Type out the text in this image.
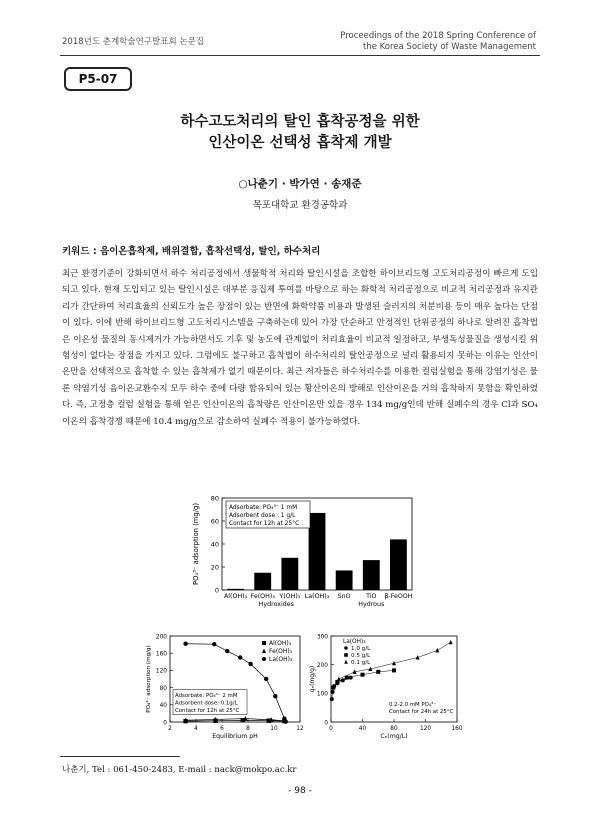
2018년도 춘계학술연구발표회 논문집
Proceedings of the 2018 Spring Conference of
the Korea Society of Waste Management
P5-07
하수고도처리의 탈인 흡착공정을 위한
인산이온 선택성 흡착제 개발
○나춘기 · 박가연 · 송재준
목포대학교 환경공학과
키워드 : 음이온흡착제, 배위결합, 흡착선택성, 탈인, 하수처리

최근 환경기준이 강화되면서 하수 처리공정에서 생물학적 처리와 탈인시설을 조합한 하이브리드형 고도처리공정이 빠르게 도입되고 있다. 현재 도입되고 있는 탈인시설은 대부분 응집제 투여를 바탕으로 하는 화학적 처리공정으로 비교적 처리공정과 유지관리가 간단하여 처리효율의 신뢰도가 높은 장점이 있는 반면에 화학약품 비용과 발생된 슬러지의 처분비용 등이 매우 높다는 단점이 있다. 이에 반해 하이브리드형 고도처리시스템을 구축하는데 있어 가장 단순하고 안정적인 단위공정의 하나로 알려진 흡착법은 이온성 물질의 동시제거가 가능하면서도 기후 및 농도에 관계없이 처리효율이 비교적 일정하고, 부생독성물질을 생성시킬 위험성이 없다는 장점을 가지고 있다. 그럼에도 불구하고 흡착법이 하수처리의 탈인공정으로 널리 활용되지 못하는 이유는 인산이온만을 선택적으로 흡착할 수 있는 흡착제가 없기 때문이다. 최근 저자들은 하수처리수를 이용한 컬럼실험을 통해 강염기성은 물론 약염기성 음이온교환수지 모두 하수 중에 다량 함유되어 있는 황산이온의 방해로 인산이온을 거의 흡착하지 못함을 확인하였다. 즉, 고정층 컬럼 실험을 통해 얻은 인산이온의 흡착량은 인산이온만 있을 경우 134 mg/g인데 반해 실폐수의 경우 Cl과 SO₄이온의 흡착경쟁 때문에 10.4 mg/g으로 감소하여 실폐수 적용이 불가능하였다.

0
20
40
60
80
Al(OH)₃ Fe(OH)₃ Y(OH)₃ La(OH)₃ SnO TiO β-FeOOH
Hydroxides	Hydrous
PO₄³⁻ adsorption (mg/g)	Adsorbate: PO₄³⁻ 1 mM
Adsorbent dose : 1 g/L
Contact for 12h at 25°C
0
40
80
120
160
200
2	4	6	8	10	12
Equilibrium pH
PO₄³⁻ adsorption (mg/g)
Al(OH)₃
Fe(OH)₃
La(OH)₃
Adsorbate: PO₄³⁻ 2 mM
Adsorbent dose: 0.1g/L
Contact for 12h at 25°C
0
100
200
300
0	40	80	120	160
Cₑ(mg/L)
qₑ(mg/g)
La(OH)₃
1.0 g/L
0.5 g/L
0.1 g/L
0.2-2.0 mM PO₄³⁻
Contact for 24h at 25°C
나춘기, Tel : 061-450-2483, E-mail : nack@mokpo.ac.kr
- 98 -
